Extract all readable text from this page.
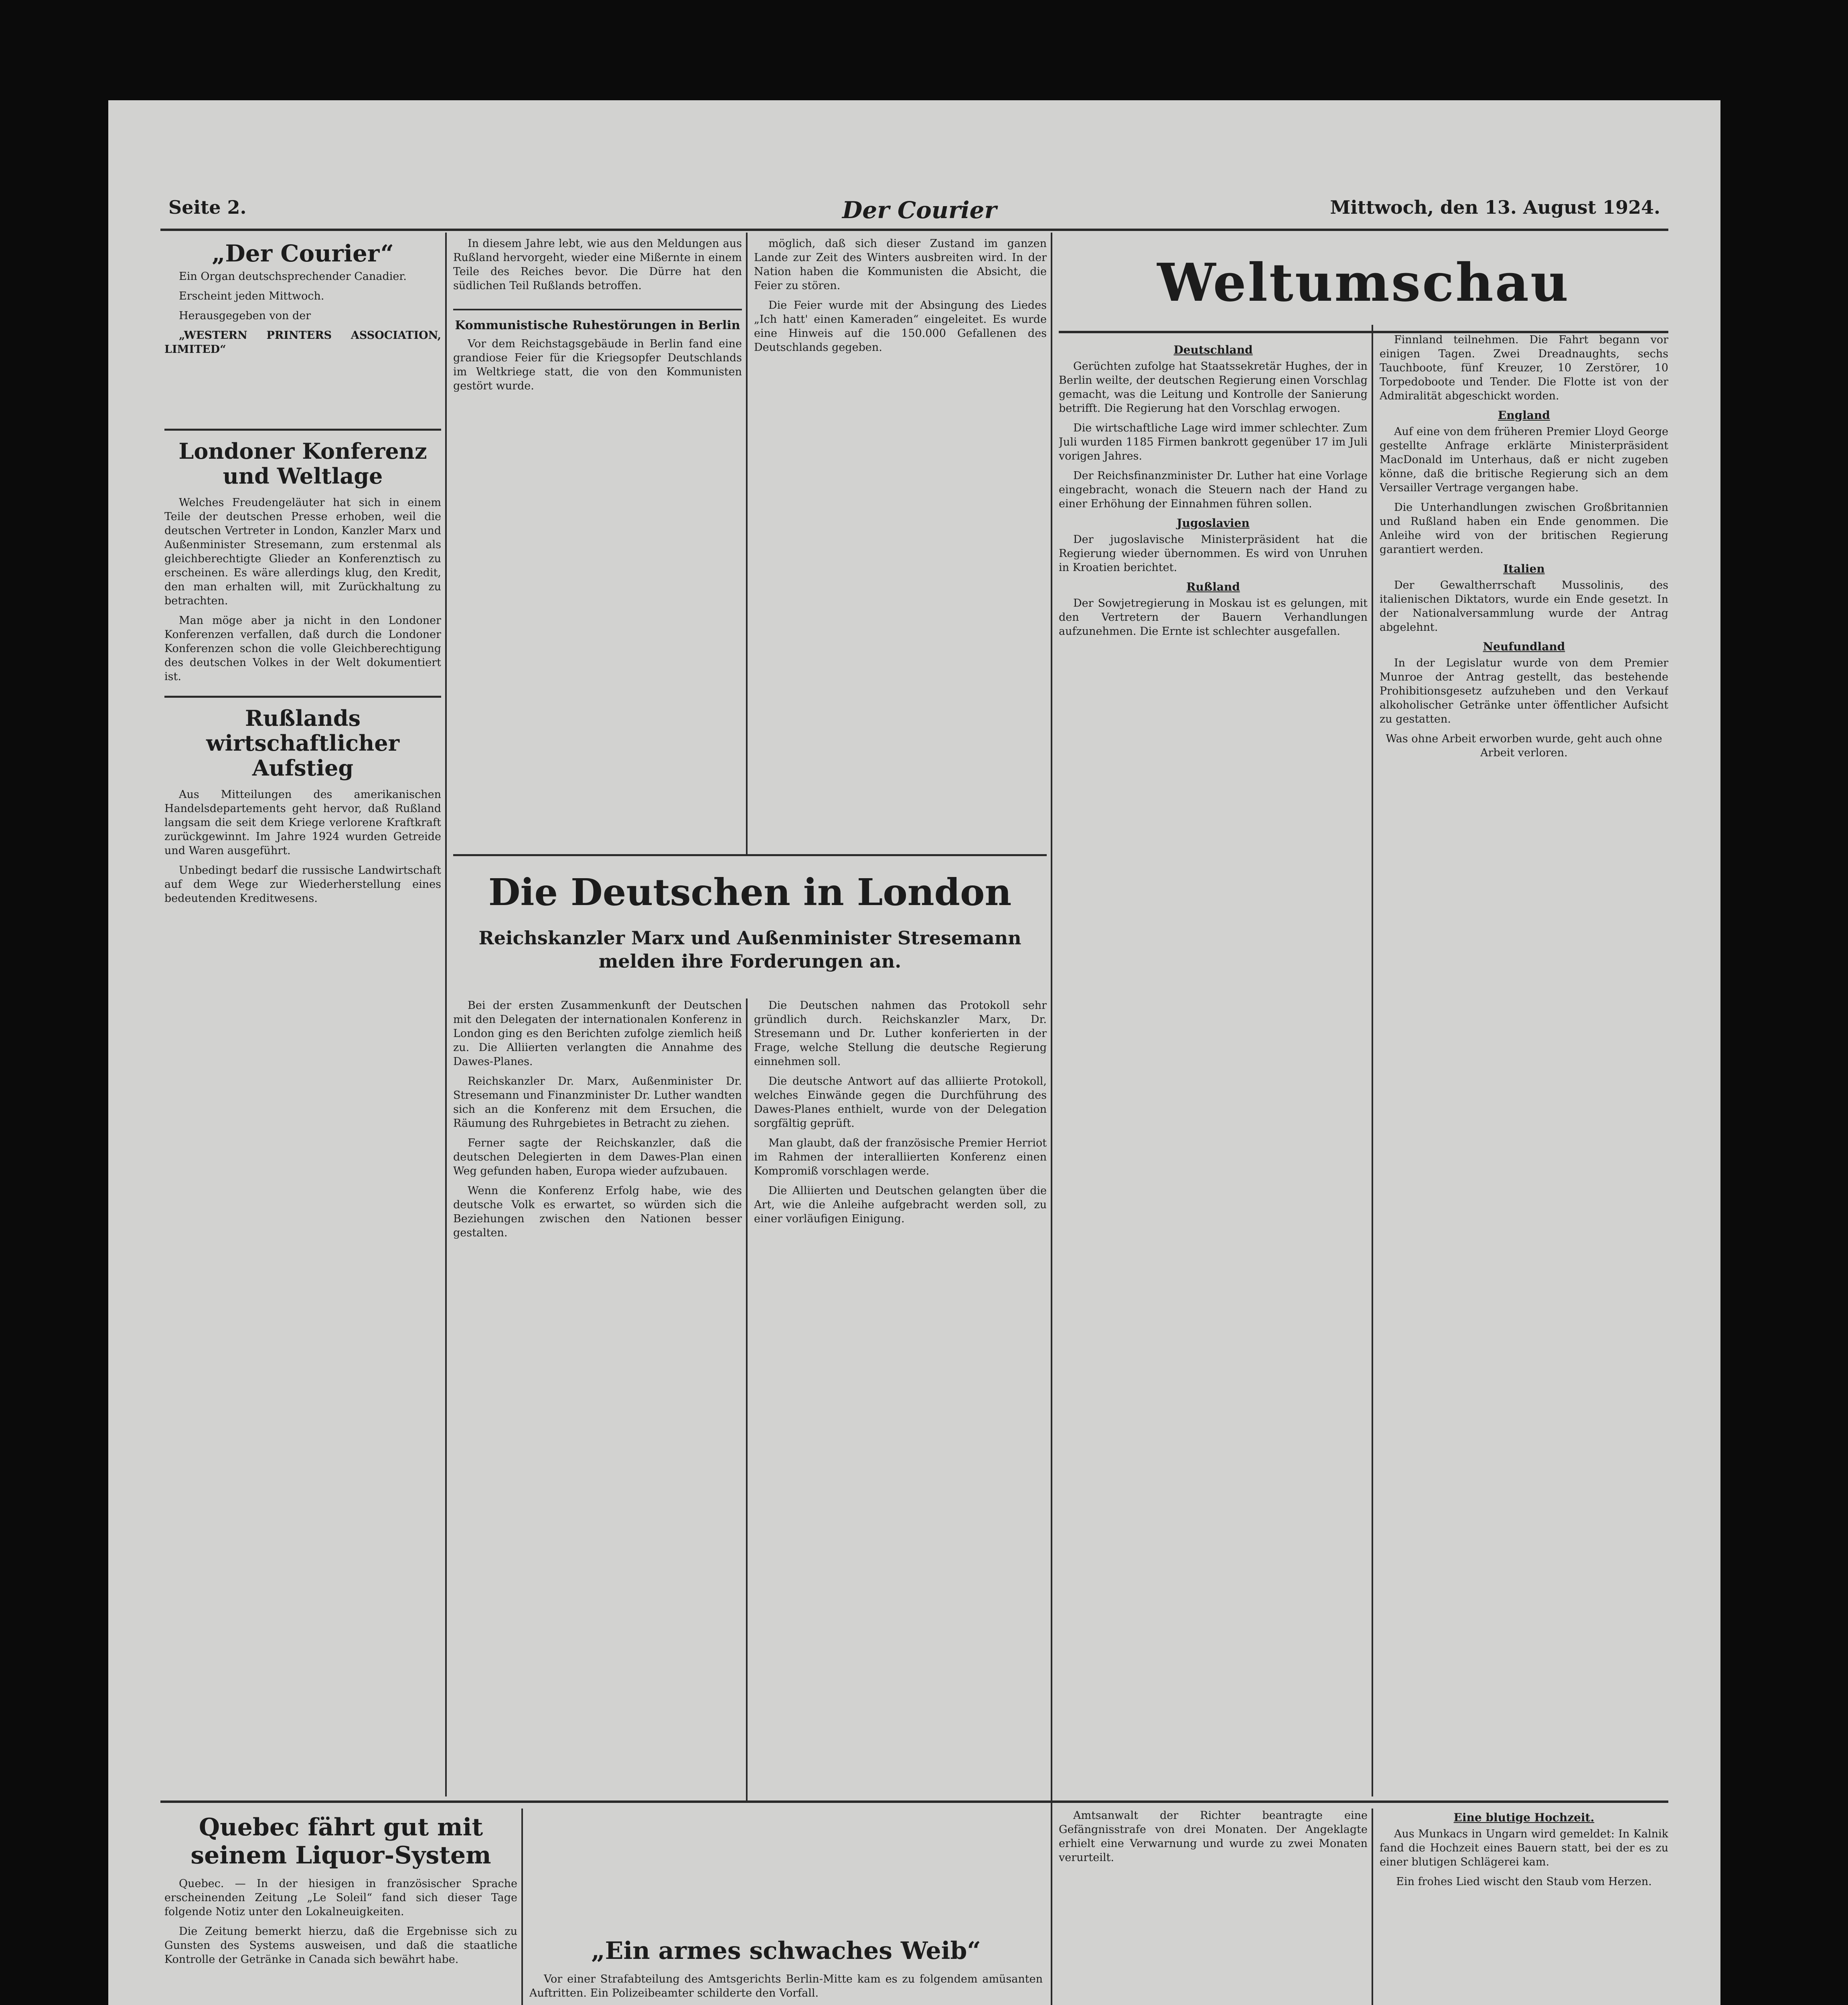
Seite 2.	Der Courier	Mittwoch, den 13. August 1924.
„Der Courier“

Ein Organ deutschsprechender Canadier.

Erscheint jeden Mittwoch.

Herausgegeben von der

„WESTERN PRINTERS ASSOCIATION, LIMITED“

Londoner Konferenz und Weltlage

Welches Freudengeläuter hat sich in einem Teile der deutschen Presse erhoben, weil die deutschen Vertreter in London, Kanzler Marx und Außenminister Stresemann, zum erstenmal als gleichberechtigte Glieder an Konferenztisch zu erscheinen. Es wäre allerdings klug, den Kredit, den man erhalten will, mit Zurückhaltung zu betrachten.

Man möge aber ja nicht in den Londoner Konferenzen verfallen, daß durch die Londoner Konferenzen schon die volle Gleichberechtigung des deutschen Volkes in der Welt dokumentiert ist.

Rußlands wirtschaftlicher Aufstieg

Aus Mitteilungen des amerikanischen Handelsdepartements geht hervor, daß Rußland langsam die seit dem Kriege verlorene Kraftkraft zurückgewinnt. Im Jahre 1924 wurden Getreide und Waren ausgeführt.

Unbedingt bedarf die russische Landwirtschaft auf dem Wege zur Wiederherstellung eines bedeutenden Kreditwesens.

In diesem Jahre lebt, wie aus den Meldungen aus Rußland hervorgeht, wieder eine Mißernte in einem Teile des Reiches bevor. Die Dürre hat den südlichen Teil Rußlands betroffen.

Kommunistische Ruhestörungen in Berlin

Vor dem Reichstagsgebäude in Berlin fand eine grandiose Feier für die Kriegsopfer Deutschlands im Weltkriege statt, die von den Kommunisten gestört wurde.

möglich, daß sich dieser Zustand im ganzen Lande zur Zeit des Winters ausbreiten wird. In der Nation haben die Kommunisten die Absicht, die Feier zu stören.

Die Feier wurde mit der Absingung des Liedes „Ich hatt' einen Kameraden“ eingeleitet. Es wurde eine Hinweis auf die 150.000 Gefallenen des Deutschlands gegeben.

Die Deutschen in London
Reichskanzler Marx und Außenminister Stresemann melden ihre Forderungen an.

Bei der ersten Zusammenkunft der Deutschen mit den Delegaten der internationalen Konferenz in London ging es den Berichten zufolge ziemlich heiß zu. Die Alliierten verlangten die Annahme des Dawes-Planes.

Reichskanzler Dr. Marx, Außenminister Dr. Stresemann und Finanzminister Dr. Luther wandten sich an die Konferenz mit dem Ersuchen, die Räumung des Ruhrgebietes in Betracht zu ziehen.

Ferner sagte der Reichskanzler, daß die deutschen Delegierten in dem Dawes-Plan einen Weg gefunden haben, Europa wieder aufzubauen.

Wenn die Konferenz Erfolg habe, wie des deutsche Volk es erwartet, so würden sich die Beziehungen zwischen den Nationen besser gestalten.

Die Deutschen nahmen das Protokoll sehr gründlich durch. Reichskanzler Marx, Dr. Stresemann und Dr. Luther konferierten in der Frage, welche Stellung die deutsche Regierung einnehmen soll.

Die deutsche Antwort auf das alliierte Protokoll, welches Einwände gegen die Durchführung des Dawes-Planes enthielt, wurde von der Delegation sorgfältig geprüft.

Man glaubt, daß der französische Premier Herriot im Rahmen der interalliierten Konferenz einen Kompromiß vorschlagen werde.

Die Alliierten und Deutschen gelangten über die Art, wie die Anleihe aufgebracht werden soll, zu einer vorläufigen Einigung.

Weltumschau
Deutschland

Gerüchten zufolge hat Staatssekretär Hughes, der in Berlin weilte, der deutschen Regierung einen Vorschlag gemacht, was die Leitung und Kontrolle der Sanierung betrifft. Die Regierung hat den Vorschlag erwogen.

Die wirtschaftliche Lage wird immer schlechter. Zum Juli wurden 1185 Firmen bankrott gegenüber 17 im Juli vorigen Jahres.

Der Reichsfinanzminister Dr. Luther hat eine Vorlage eingebracht, wonach die Steuern nach der Hand zu einer Erhöhung der Einnahmen führen sollen.

Jugoslavien

Der jugoslavische Ministerpräsident hat die Regierung wieder übernommen. Es wird von Unruhen in Kroatien berichtet.

Rußland

Der Sowjetregierung in Moskau ist es gelungen, mit den Vertretern der Bauern Verhandlungen aufzunehmen. Die Ernte ist schlechter ausgefallen.

Finnland teilnehmen. Die Fahrt begann vor einigen Tagen. Zwei Dreadnaughts, sechs Tauchboote, fünf Kreuzer, 10 Zerstörer, 10 Torpedoboote und Tender. Die Flotte ist von der Admiralität abgeschickt worden.

England

Auf eine von dem früheren Premier Lloyd George gestellte Anfrage erklärte Ministerpräsident MacDonald im Unterhaus, daß er nicht zugeben könne, daß die britische Regierung sich an dem Versailler Vertrage vergangen habe.

Die Unterhandlungen zwischen Großbritannien und Rußland haben ein Ende genommen. Die Anleihe wird von der britischen Regierung garantiert werden.

Italien

Der Gewaltherrschaft Mussolinis, des italienischen Diktators, wurde ein Ende gesetzt. In der Nationalversammlung wurde der Antrag abgelehnt.

Neufundland

In der Legislatur wurde von dem Premier Munroe der Antrag gestellt, das bestehende Prohibitionsgesetz aufzuheben und den Verkauf alkoholischer Getränke unter öffentlicher Aufsicht zu gestatten.

Was ohne Arbeit erworben wurde, geht auch ohne Arbeit verloren.

Quebec fährt gut mit seinem Liquor-System

Quebec. — In der hiesigen in französischer Sprache erscheinenden Zeitung „Le Soleil“ fand sich dieser Tage folgende Notiz unter den Lokalneuigkeiten.

Die Zeitung bemerkt hierzu, daß die Ergebnisse sich zu Gunsten des Systems ausweisen, und daß die staatliche Kontrolle der Getränke in Canada sich bewährt habe.	„Ein armes schwaches Weib“

Vor einer Strafabteilung des Amtsgerichts Berlin-Mitte kam es zu folgendem amüsanten Auftritten. Ein Polizeibeamter schilderte den Vorfall.

Amtsanwalt der Richter beantragte eine Gefängnisstrafe von drei Monaten. Der Angeklagte erhielt eine Verwarnung und wurde zu zwei Monaten verurteilt.

Eine blutige Hochzeit.

Aus Munkacs in Ungarn wird gemeldet: In Kalnik fand die Hochzeit eines Bauern statt, bei der es zu einer blutigen Schlägerei kam.

Ein frohes Lied wischt den Staub vom Herzen.
